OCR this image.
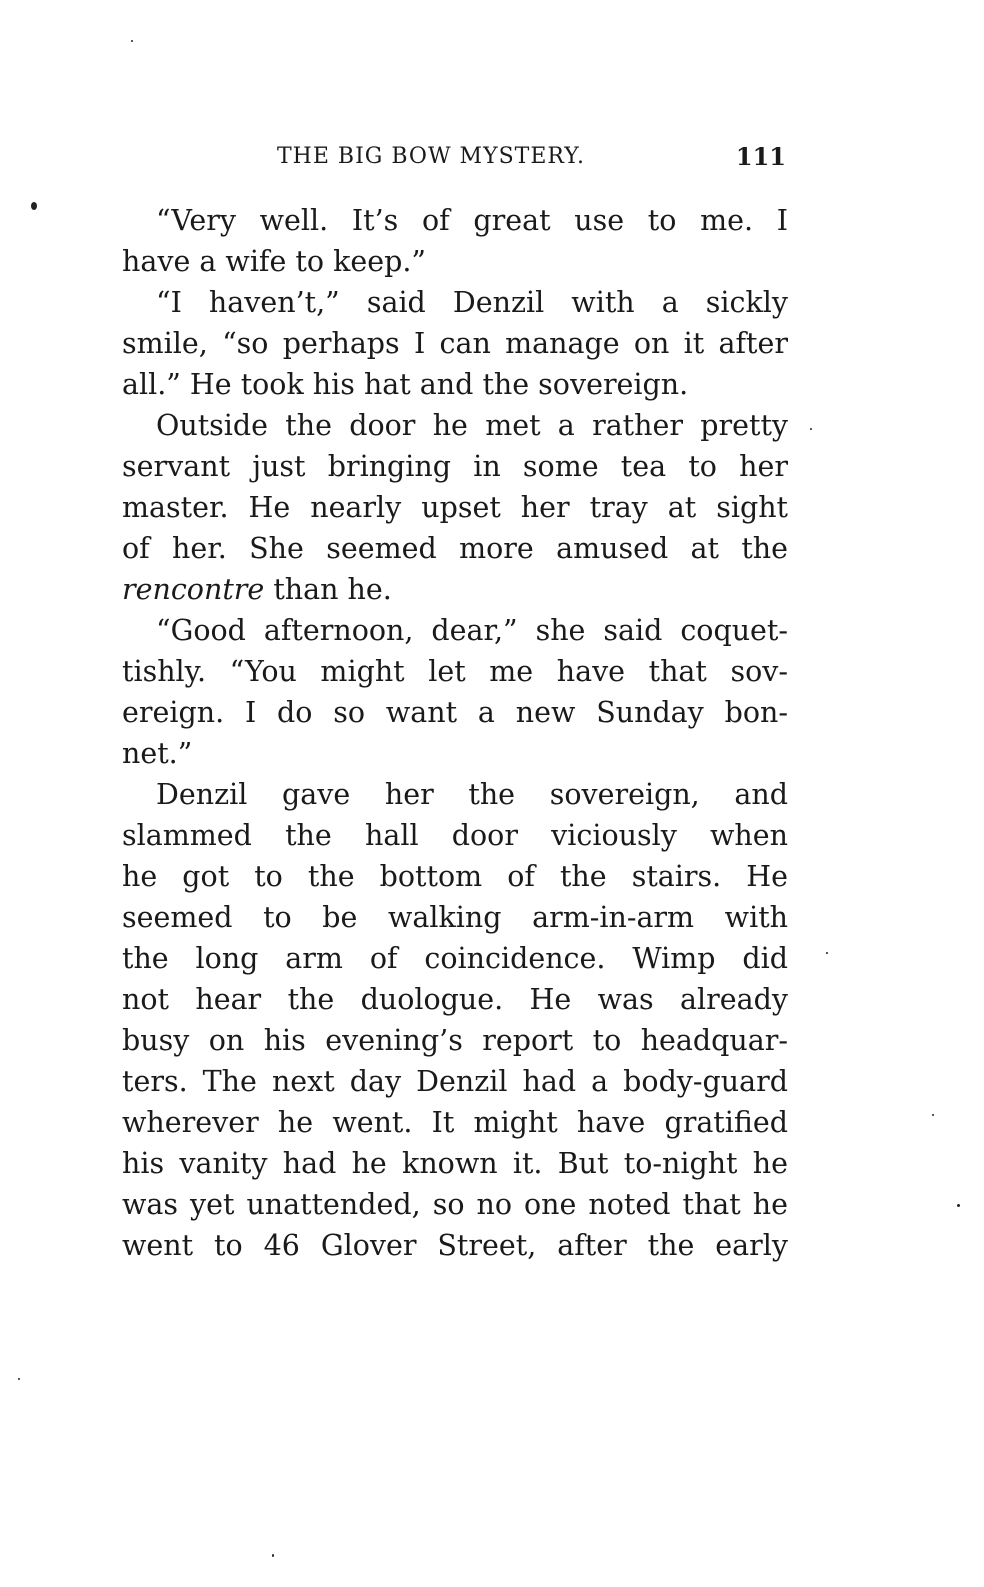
THE BIG BOW MYSTERY.	111

“Very well. It’s of great use to me. I
have a wife to keep.”

“I haven’t,” said Denzil with a sickly
smile, “so perhaps I can manage on it after
all.” He took his hat and the sovereign.

Outside the door he met a rather pretty
servant just bringing in some tea to her
master. He nearly upset her tray at sight
of her. She seemed more amused at the
rencontre than he.

“Good afternoon, dear,” she said coquet-
tishly. “You might let me have that sov-
ereign. I do so want a new Sunday bon-
net.”

Denzil gave her the sovereign, and
slammed the hall door viciously when
he got to the bottom of the stairs. He
seemed to be walking arm-in-arm with
the long arm of coincidence. Wimp did
not hear the duologue. He was already
busy on his evening’s report to headquar-
ters. The next day Denzil had a body-guard
wherever he went. It might have gratified
his vanity had he known it. But to-night he
was yet unattended, so no one noted that he
went to 46 Glover Street, after the early
